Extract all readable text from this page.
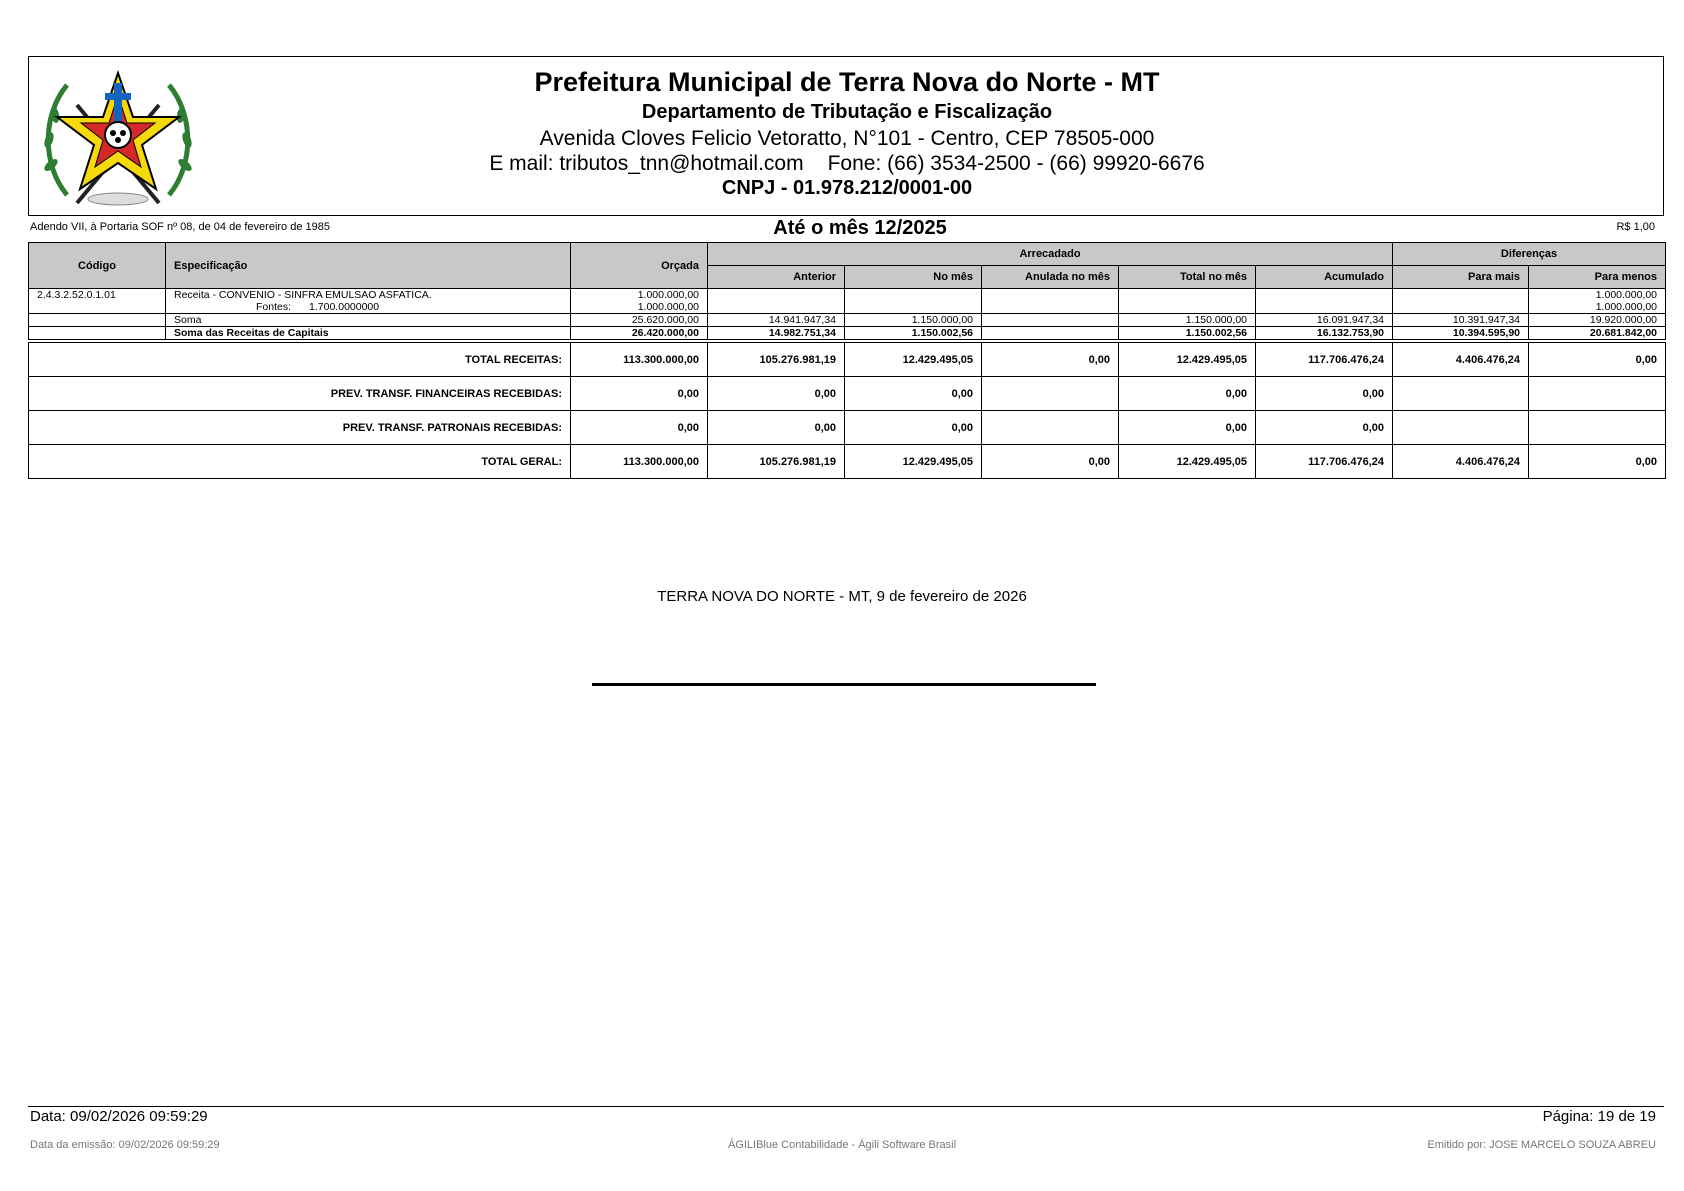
Prefeitura Municipal de Terra Nova do Norte - MT
Departamento de Tributação e Fiscalização
Avenida Cloves Felicio Vetoratto, N°101 - Centro, CEP 78505-000
E mail: tributos_tnn@hotmail.com Fone: (66) 3534-2500 - (66) 99920-6676
CNPJ - 01.978.212/0001-00
Adendo VII, à Portaria SOF nº 08, de 04 de fevereiro de 1985	Até o mês 12/2025	R$ 1,00
Código	Especificação	Orçada	Arrecadado					Diferenças	
			Anterior	No mês	Anulada no mês	Total no mês	Acumulado	Para mais	Para menos
2.4.3.2.52.0.1.01	Receita - CONVENIO - SINFRA EMULSAO ASFATICA.	1.000.000,00							1.000.000,00
	Fontes: 1.700.0000000	1.000.000,00							1.000.000,00
	Soma	25.620.000,00	14.941.947,34	1.150.000,00		1.150.000,00	16.091.947,34	10.391.947,34	19.920.000,00
	Soma das Receitas de Capitais	26.420.000,00	14.982.751,34	1.150.002,56		1.150.002,56	16.132.753,90	10.394.595,90	20.681.842,00

TOTAL RECEITAS:		113.300.000,00	105.276.981,19	12.429.495,05	0,00	12.429.495,05	117.706.476,24	4.406.476,24	0,00
PREV. TRANSF. FINANCEIRAS RECEBIDAS:		0,00	0,00	0,00		0,00	0,00		
PREV. TRANSF. PATRONAIS RECEBIDAS:		0,00	0,00	0,00		0,00	0,00		
TOTAL GERAL:		113.300.000,00	105.276.981,19	12.429.495,05	0,00	12.429.495,05	117.706.476,24	4.406.476,24	0,00
TERRA NOVA DO NORTE - MT, 9 de fevereiro de 2026
Data: 09/02/2026 09:59:29	Página: 19 de 19
Data da emissão: 09/02/2026 09:59:29	ÁGILIBlue Contabilidade - Ágili Software Brasil	Emitido por: JOSE MARCELO SOUZA ABREU
